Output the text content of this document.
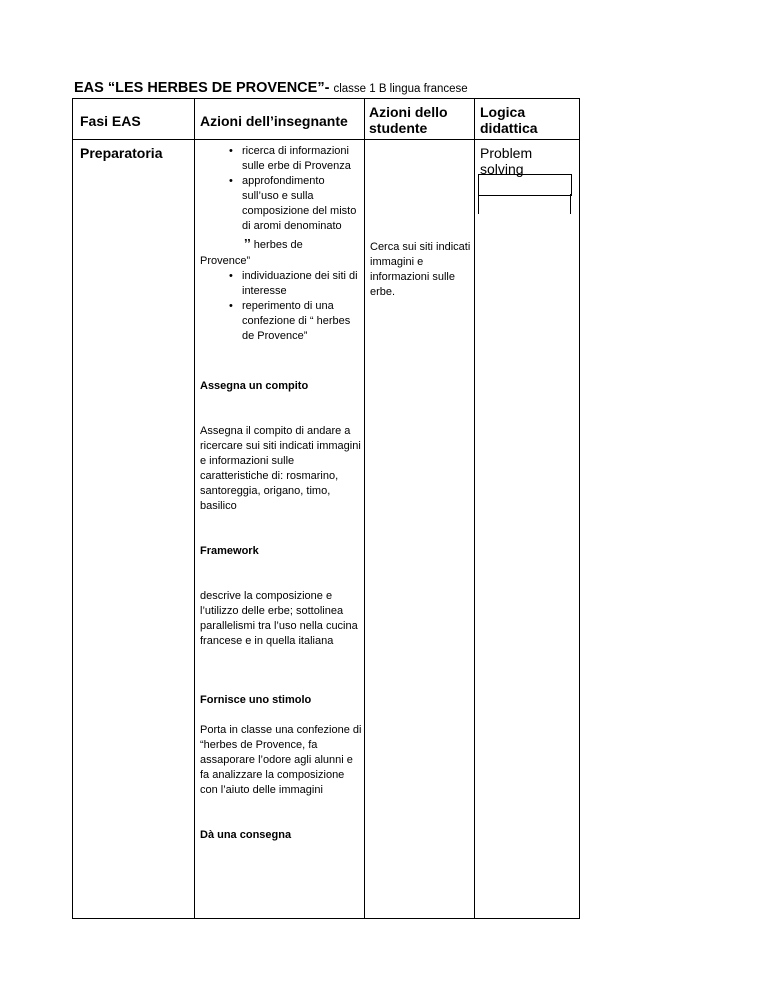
EAS “LES HERBES DE PROVENCE”- classe 1 B lingua francese
Fasi EAS	Azioni dell’insegnante
Azioni dello
studente
Logica
didattica
Preparatoria	Problem
solving
• ricerca di informazioni sulle erbe di Provenza
• approfondimento sull’uso e sulla composizione del misto di aromi denominato
’’ herbes de

Provence”

• individuazione dei siti di interesse
• reperimento di una confezione di “ herbes de Provence”

Assegna un compito

Assegna il compito di andare a ricercare sui siti indicati immagini e informazioni sulle caratteristiche di: rosmarino, santoreggia, origano, timo, basilico

Framework

descrive la composizione e l’utilizzo delle erbe; sottolinea parallelismi tra l’uso nella cucina francese e in quella italiana

Fornisce uno stimolo

Porta in classe una confezione di “herbes de Provence, fa assaporare l’odore agli alunni e fa analizzare la composizione con l’aiuto delle immagini

Dà una consegna

Cerca sui siti indicati immagini e informazioni sulle erbe.
